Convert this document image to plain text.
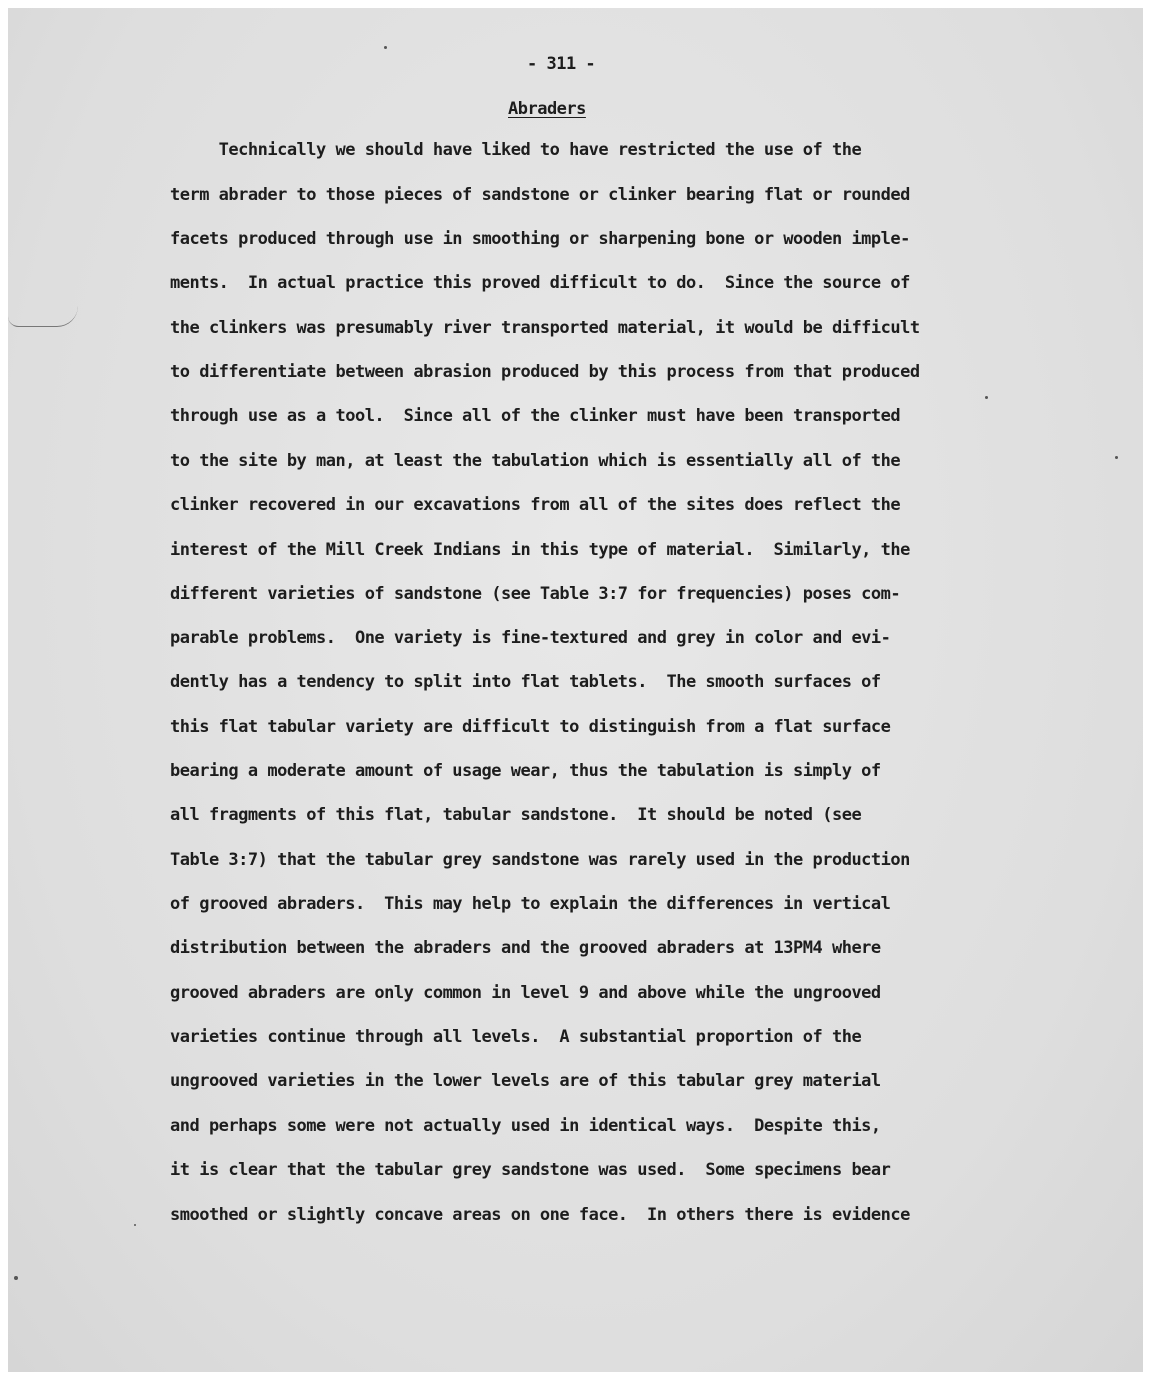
- 311 -
Abraders
Technically we should have liked to have restricted the use of the
term abrader to those pieces of sandstone or clinker bearing flat or rounded
facets produced through use in smoothing or sharpening bone or wooden imple-
ments.  In actual practice this proved difficult to do.  Since the source of
the clinkers was presumably river transported material, it would be difficult
to differentiate between abrasion produced by this process from that produced
through use as a tool.  Since all of the clinker must have been transported
to the site by man, at least the tabulation which is essentially all of the
clinker recovered in our excavations from all of the sites does reflect the
interest of the Mill Creek Indians in this type of material.  Similarly, the
different varieties of sandstone (see Table 3:7 for frequencies) poses com-
parable problems.  One variety is fine-textured and grey in color and evi-
dently has a tendency to split into flat tablets.  The smooth surfaces of
this flat tabular variety are difficult to distinguish from a flat surface
bearing a moderate amount of usage wear, thus the tabulation is simply of
all fragments of this flat, tabular sandstone.  It should be noted (see
Table 3:7) that the tabular grey sandstone was rarely used in the production
of grooved abraders.  This may help to explain the differences in vertical
distribution between the abraders and the grooved abraders at 13PM4 where
grooved abraders are only common in level 9 and above while the ungrooved
varieties continue through all levels.  A substantial proportion of the
ungrooved varieties in the lower levels are of this tabular grey material
and perhaps some were not actually used in identical ways.  Despite this,
it is clear that the tabular grey sandstone was used.  Some specimens bear
smoothed or slightly concave areas on one face.  In others there is evidence
